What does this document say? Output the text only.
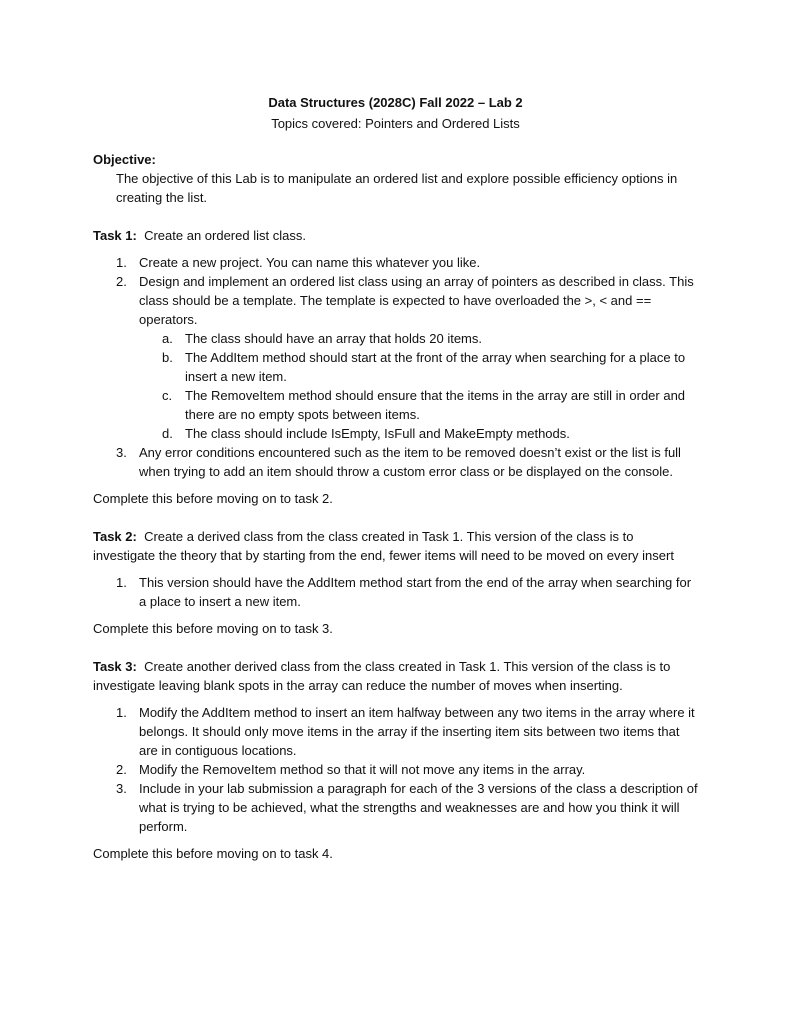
Data Structures (2028C) Fall 2022 – Lab 2
Topics covered: Pointers and Ordered Lists

Objective:

The objective of this Lab is to manipulate an ordered list and explore possible efficiency options in creating the list.

Task 1: Create an ordered list class.

1. Create a new project. You can name this whatever you like.
2. Design and implement an ordered list class using an array of pointers as described in class. This class should be a template. The template is expected to have overloaded the >, < and == operators.
a. The class should have an array that holds 20 items.
b. The AddItem method should start at the front of the array when searching for a place to insert a new item.
c. The RemoveItem method should ensure that the items in the array are still in order and there are no empty spots between items.
d. The class should include IsEmpty, IsFull and MakeEmpty methods.
3. Any error conditions encountered such as the item to be removed doesn’t exist or the list is full when trying to add an item should throw a custom error class or be displayed on the console.

Complete this before moving on to task 2.

Task 2: Create a derived class from the class created in Task 1. This version of the class is to investigate the theory that by starting from the end, fewer items will need to be moved on every insert

1. This version should have the AddItem method start from the end of the array when searching for a place to insert a new item.

Complete this before moving on to task 3.

Task 3: Create another derived class from the class created in Task 1. This version of the class is to investigate leaving blank spots in the array can reduce the number of moves when inserting.

1. Modify the AddItem method to insert an item halfway between any two items in the array where it belongs. It should only move items in the array if the inserting item sits between two items that are in contiguous locations.
2. Modify the RemoveItem method so that it will not move any items in the array.
3. Include in your lab submission a paragraph for each of the 3 versions of the class a description of what is trying to be achieved, what the strengths and weaknesses are and how you think it will perform.

Complete this before moving on to task 4.
